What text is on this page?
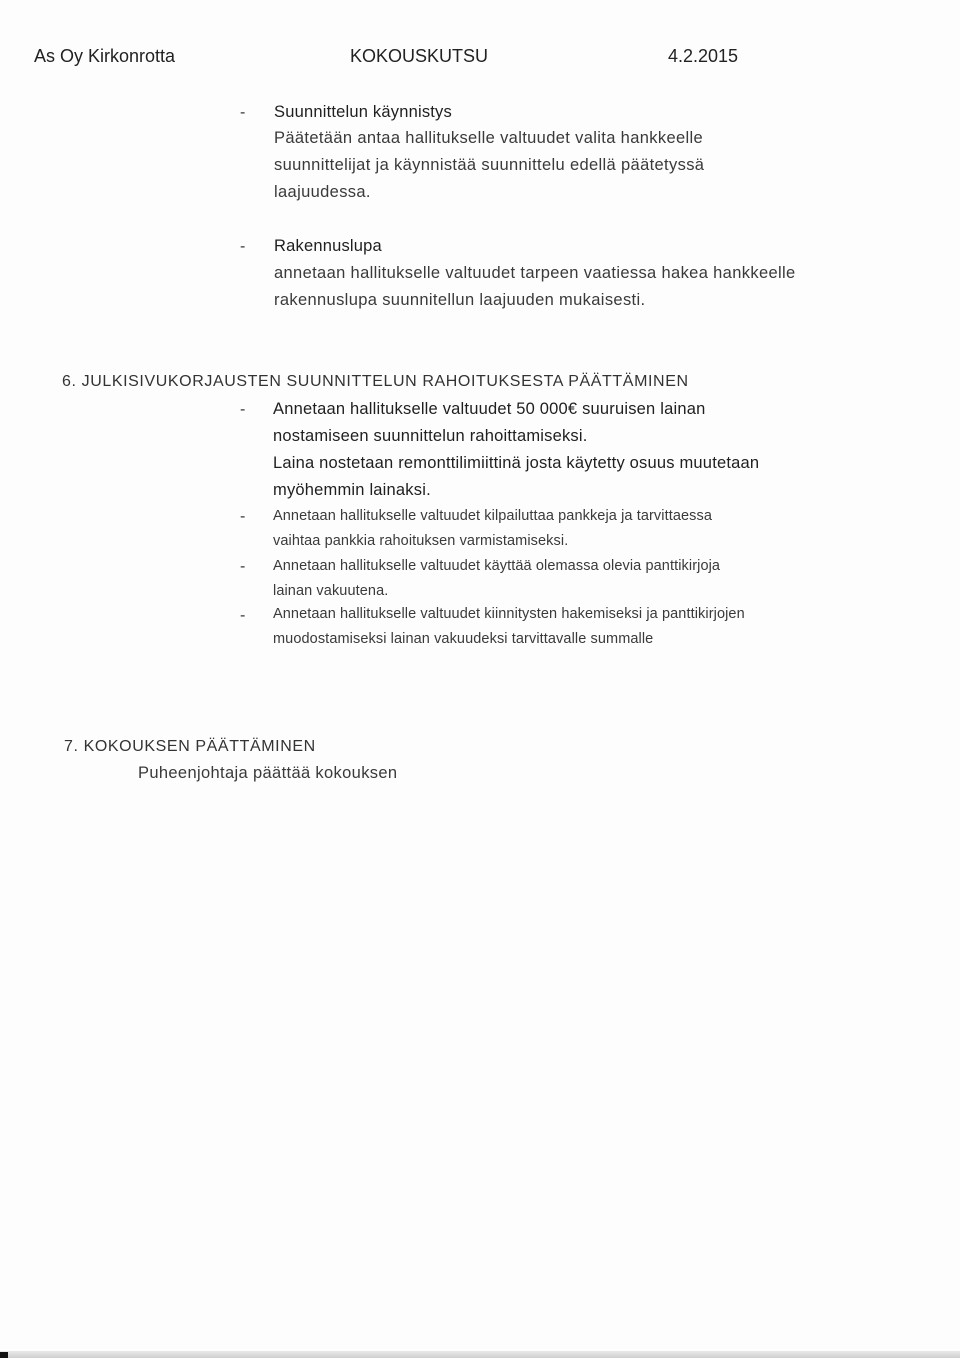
As Oy Kirkonrotta	KOKOUSKUTSU	4.2.2015
- Suunnittelun käynnistys
Päätetään antaa hallitukselle valtuudet valita hankkeelle
suunnittelijat ja käynnistää suunnittelu edellä päätetyssä
laajuudessa.
- Rakennuslupa
annetaan hallitukselle valtuudet tarpeen vaatiessa hakea hankkeelle
rakennuslupa suunnitellun laajuuden mukaisesti.
6. JULKISIVUKORJAUSTEN SUUNNITTELUN RAHOITUKSESTA PÄÄTTÄMINEN
- Annetaan hallitukselle valtuudet 50 000€ suuruisen lainan
nostamiseen suunnittelun rahoittamiseksi.
Laina nostetaan remonttilimiittinä josta käytetty osuus muutetaan
myöhemmin lainaksi.
- Annetaan hallitukselle valtuudet kilpailuttaa pankkeja ja tarvittaessa
vaihtaa pankkia rahoituksen varmistamiseksi.
- Annetaan hallitukselle valtuudet käyttää olemassa olevia panttikirjoja
lainan vakuutena.
- Annetaan hallitukselle valtuudet kiinnitysten hakemiseksi ja panttikirjojen
muodostamiseksi lainan vakuudeksi tarvittavalle summalle
7. KOKOUKSEN PÄÄTTÄMINEN
Puheenjohtaja päättää kokouksen
